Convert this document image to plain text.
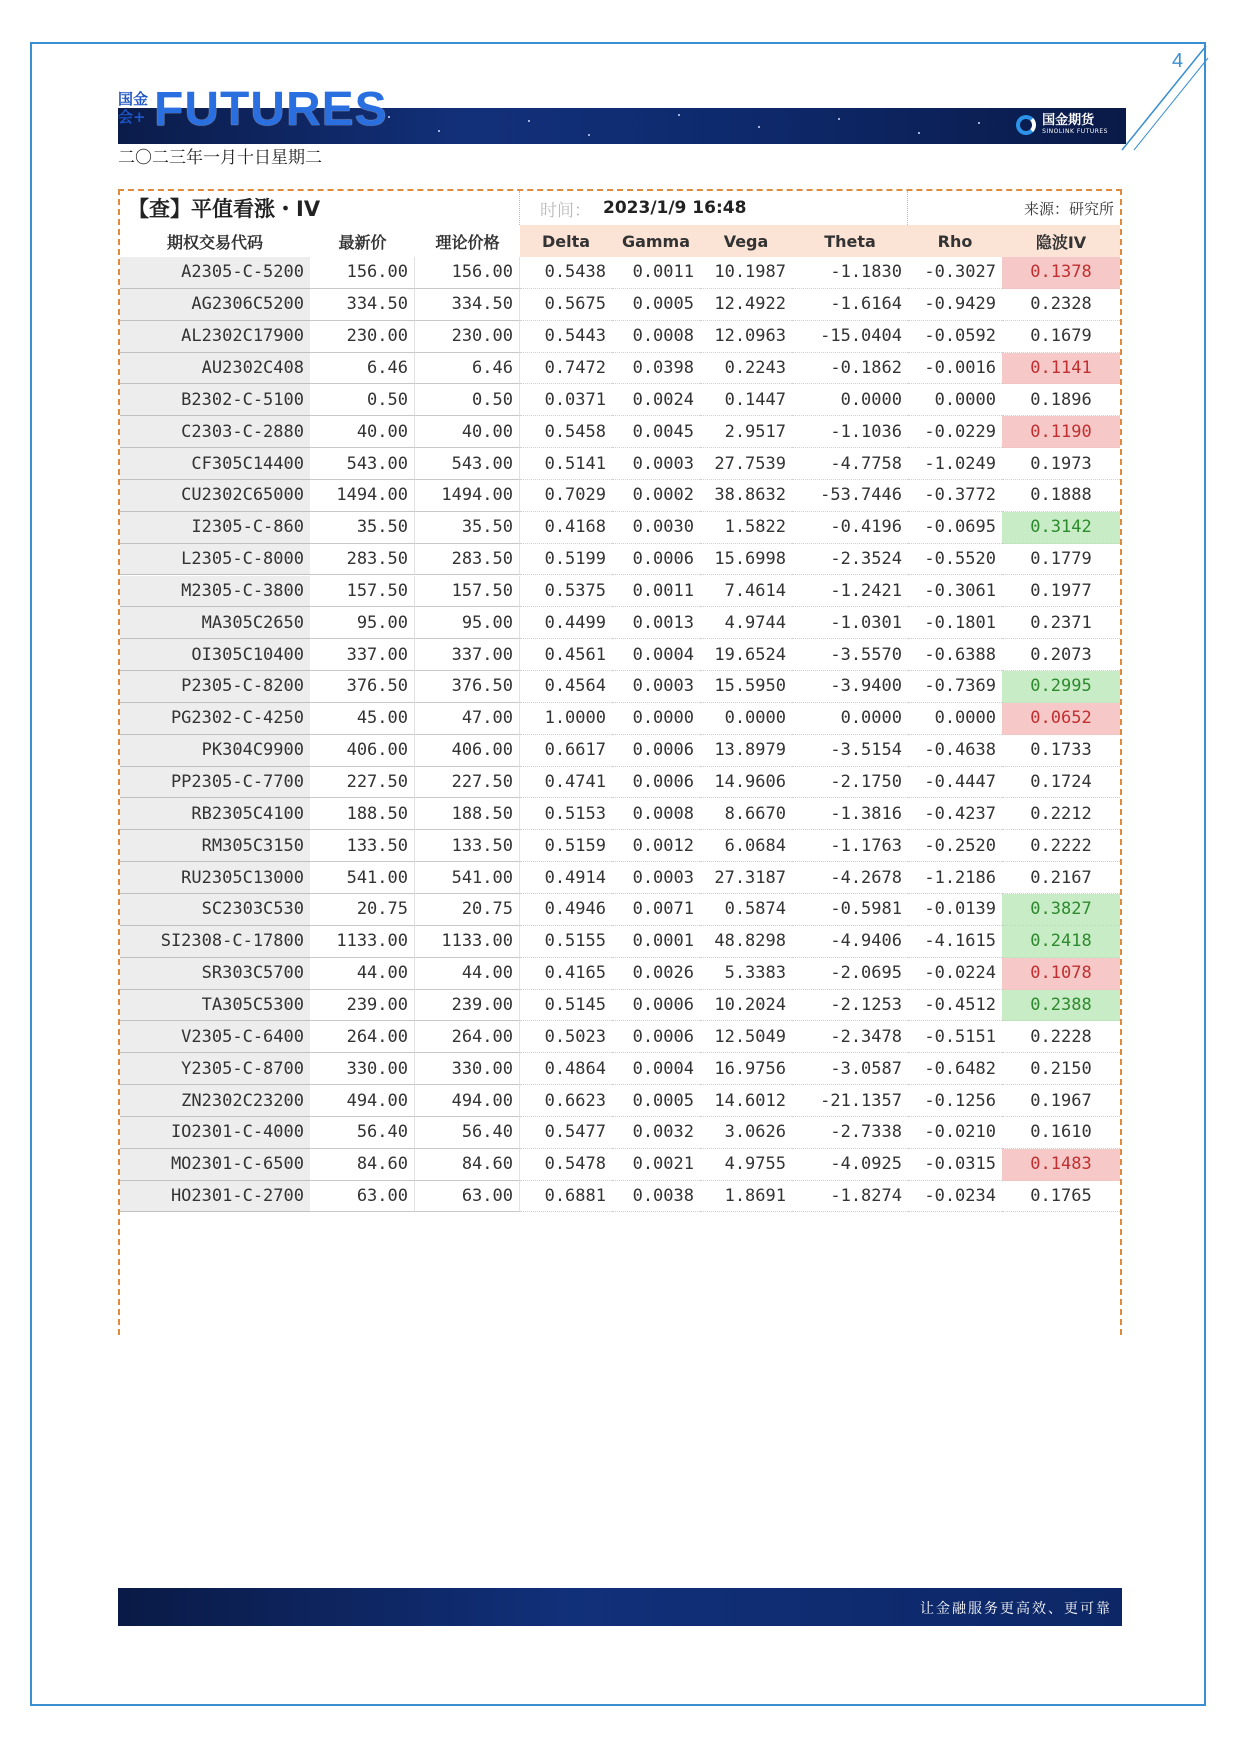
4
国金期货
SINOLINK FUTURES
国金会+ FUTURES
二〇二三年一月十日星期二
【查】平值看涨・IV	时间： 2023/1/9 16:48	来源：研究所
期权交易代码	最新价	理论价格	Delta	Gamma	Vega	Theta	Rho	隐波IV
A2305-C-5200	156.00	156.00	0.5438	0.0011	10.1987	-1.1830	-0.3027	0.1378
AG2306C5200	334.50	334.50	0.5675	0.0005	12.4922	-1.6164	-0.9429	0.2328
AL2302C17900	230.00	230.00	0.5443	0.0008	12.0963	-15.0404	-0.0592	0.1679
AU2302C408	6.46	6.46	0.7472	0.0398	0.2243	-0.1862	-0.0016	0.1141
B2302-C-5100	0.50	0.50	0.0371	0.0024	0.1447	0.0000	0.0000	0.1896
C2303-C-2880	40.00	40.00	0.5458	0.0045	2.9517	-1.1036	-0.0229	0.1190
CF305C14400	543.00	543.00	0.5141	0.0003	27.7539	-4.7758	-1.0249	0.1973
CU2302C65000	1494.00	1494.00	0.7029	0.0002	38.8632	-53.7446	-0.3772	0.1888
I2305-C-860	35.50	35.50	0.4168	0.0030	1.5822	-0.4196	-0.0695	0.3142
L2305-C-8000	283.50	283.50	0.5199	0.0006	15.6998	-2.3524	-0.5520	0.1779
M2305-C-3800	157.50	157.50	0.5375	0.0011	7.4614	-1.2421	-0.3061	0.1977
MA305C2650	95.00	95.00	0.4499	0.0013	4.9744	-1.0301	-0.1801	0.2371
OI305C10400	337.00	337.00	0.4561	0.0004	19.6524	-3.5570	-0.6388	0.2073
P2305-C-8200	376.50	376.50	0.4564	0.0003	15.5950	-3.9400	-0.7369	0.2995
PG2302-C-4250	45.00	47.00	1.0000	0.0000	0.0000	0.0000	0.0000	0.0652
PK304C9900	406.00	406.00	0.6617	0.0006	13.8979	-3.5154	-0.4638	0.1733
PP2305-C-7700	227.50	227.50	0.4741	0.0006	14.9606	-2.1750	-0.4447	0.1724
RB2305C4100	188.50	188.50	0.5153	0.0008	8.6670	-1.3816	-0.4237	0.2212
RM305C3150	133.50	133.50	0.5159	0.0012	6.0684	-1.1763	-0.2520	0.2222
RU2305C13000	541.00	541.00	0.4914	0.0003	27.3187	-4.2678	-1.2186	0.2167
SC2303C530	20.75	20.75	0.4946	0.0071	0.5874	-0.5981	-0.0139	0.3827
SI2308-C-17800	1133.00	1133.00	0.5155	0.0001	48.8298	-4.9406	-4.1615	0.2418
SR303C5700	44.00	44.00	0.4165	0.0026	5.3383	-2.0695	-0.0224	0.1078
TA305C5300	239.00	239.00	0.5145	0.0006	10.2024	-2.1253	-0.4512	0.2388
V2305-C-6400	264.00	264.00	0.5023	0.0006	12.5049	-2.3478	-0.5151	0.2228
Y2305-C-8700	330.00	330.00	0.4864	0.0004	16.9756	-3.0587	-0.6482	0.2150
ZN2302C23200	494.00	494.00	0.6623	0.0005	14.6012	-21.1357	-0.1256	0.1967
IO2301-C-4000	56.40	56.40	0.5477	0.0032	3.0626	-2.7338	-0.0210	0.1610
MO2301-C-6500	84.60	84.60	0.5478	0.0021	4.9755	-4.0925	-0.0315	0.1483
HO2301-C-2700	63.00	63.00	0.6881	0.0038	1.8691	-1.8274	-0.0234	0.1765
让金融服务更高效、更可靠
